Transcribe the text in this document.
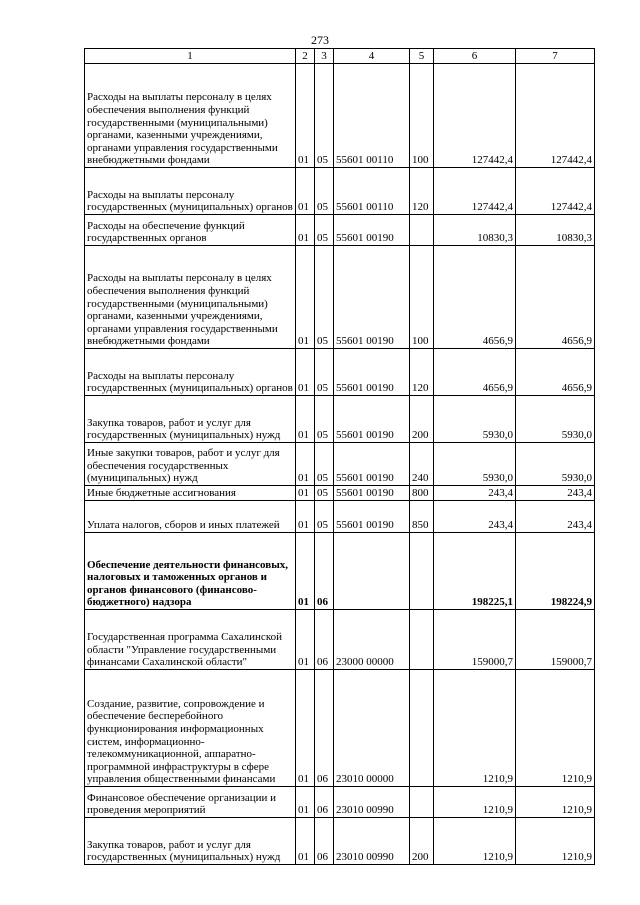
273
1	2	3	4	5	6	7
Расходы на выплаты персоналу в целях обеспечения выполнения функций государственными (муниципальными) органами, казенными учреждениями, органами управления государственными внебюджетными фондами	01	05	55601 00110	100	127442,4	127442,4
Расходы на выплаты персоналу государственных (муниципальных) органов	01	05	55601 00110	120	127442,4	127442,4
Расходы на обеспечение функций государственных органов	01	05	55601 00190		10830,3	10830,3
Расходы на выплаты персоналу в целях обеспечения выполнения функций государственными (муниципальными) органами, казенными учреждениями, органами управления государственными внебюджетными фондами	01	05	55601 00190	100	4656,9	4656,9
Расходы на выплаты персоналу государственных (муниципальных) органов	01	05	55601 00190	120	4656,9	4656,9
Закупка товаров, работ и услуг для государственных (муниципальных) нужд	01	05	55601 00190	200	5930,0	5930,0
Иные закупки товаров, работ и услуг для обеспечения государственных (муниципальных) нужд	01	05	55601 00190	240	5930,0	5930,0
Иные бюджетные ассигнования	01	05	55601 00190	800	243,4	243,4
Уплата налогов, сборов и иных платежей	01	05	55601 00190	850	243,4	243,4
Обеспечение деятельности финансовых, налоговых и таможенных органов и органов финансового (финансово-бюджетного) надзора	01	06			198225,1	198224,9
Государственная программа Сахалинской области "Управление государственными финансами Сахалинской области"	01	06	23000 00000		159000,7	159000,7
Создание, развитие, сопровождение и обеспечение бесперебойного функционирования информационных систем, информационно-телекоммуникационной, аппаратно-программной инфраструктуры в сфере управления общественными финансами	01	06	23010 00000		1210,9	1210,9
Финансовое обеспечение организации и проведения мероприятий	01	06	23010 00990		1210,9	1210,9
Закупка товаров, работ и услуг для государственных (муниципальных) нужд	01	06	23010 00990	200	1210,9	1210,9
